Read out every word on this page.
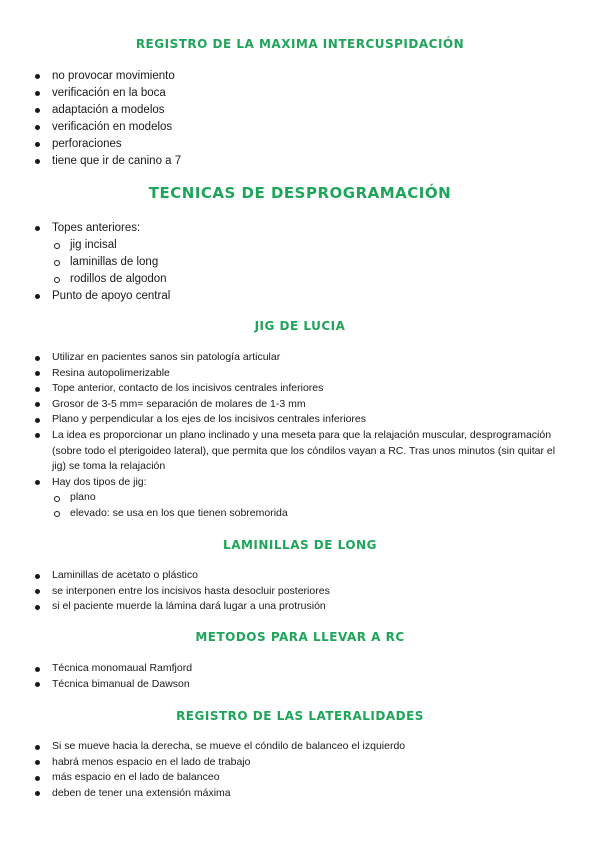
REGISTRO DE LA MAXIMA INTERCUSPIDACIÓN
no provocar movimiento
verificación en la boca
adaptación a modelos
verificación en modelos
perforaciones
tiene que ir de canino a 7
TECNICAS DE DESPROGRAMACIÓN
Topes anteriores:
jig incisal
laminillas de long
rodillos de algodon
Punto de apoyo central
JIG DE LUCIA
Utilizar en pacientes sanos sin patología articular
Resina autopolimerizable
Tope anterior, contacto de los incisivos centrales inferiores
Grosor de 3-5 mm= separación de molares de 1-3 mm
Plano y perpendicular a los ejes de los incisivos centrales inferiores
La idea es proporcionar un plano inclinado y una meseta para que la relajación muscular, desprogramación (sobre todo el pterigoideo lateral), que permita que los cóndilos vayan a RC. Tras unos minutos (sin quitar el jig) se toma la relajación
Hay dos tipos de jig:
plano
elevado: se usa en los que tienen sobremorida
LAMINILLAS DE LONG
Laminillas de acetato o plástico
se interponen entre los incisivos hasta desocluir posteriores
si el paciente muerde la lámina dará lugar a una protrusión
METODOS PARA LLEVAR A RC
Técnica monomaual Ramfjord
Técnica bimanual de Dawson
REGISTRO DE LAS LATERALIDADES
Si se mueve hacia la derecha, se mueve el cóndilo de balanceo el izquierdo
habrá menos espacio en el lado de trabajo
más espacio en el lado de balanceo
deben de tener una extensión máxima
